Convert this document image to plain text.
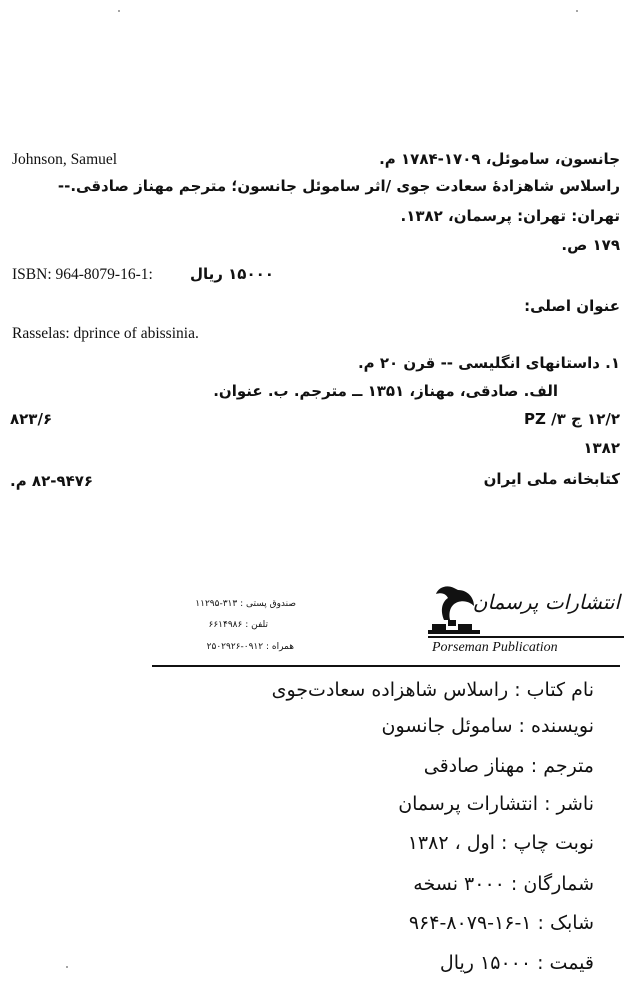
Johnson, Samuel	جانسون، ساموئل، ۱۷۰۹-۱۷۸۴ م.
راسلاس شاهزادهٔ سعادت جوی /اثر ساموئل جانسون؛ مترجم مهناز صادقی.--
تهران: تهران: پرسمان، ۱۳۸۲.
۱۷۹ ص.
ISBN: 964-8079-16-1: ۱۵۰۰۰ ریال
عنوان اصلی:
Rasselas: dprince of abissinia.
۱. داستانهای انگلیسی -- قرن ۲۰ م.
الف. صادقی، مهناز، ۱۳۵۱ ــ مترجم. ب. عنوان.
۸۲۳/۶	۱۲/۲ ج ۳/ PZ
۱۳۸۲
کتابخانه ملی ایران
۸۲-۹۴۷۶ م.
صندوق پستی : ۳۱۳-۱۱۲۹۵
تلفن : ۶۶۱۴۹۸۶
همراه : ۰۹۱۲-۲۵۰۲۹۲۶
انتشارات پرسمان
Porseman Publication
نام کتاب : راسلاس شاهزاده سعادت‌جوی
نویسنده : ساموئل جانسون
مترجم : مهناز صادقی
ناشر : انتشارات پرسمان
نوبت چاپ : اول ، ۱۳۸۲
شمارگان : ۳۰۰۰ نسخه
شابک : ۱-۱۶-۸۰۷۹-۹۶۴
قیمت : ۱۵۰۰۰ ریال
